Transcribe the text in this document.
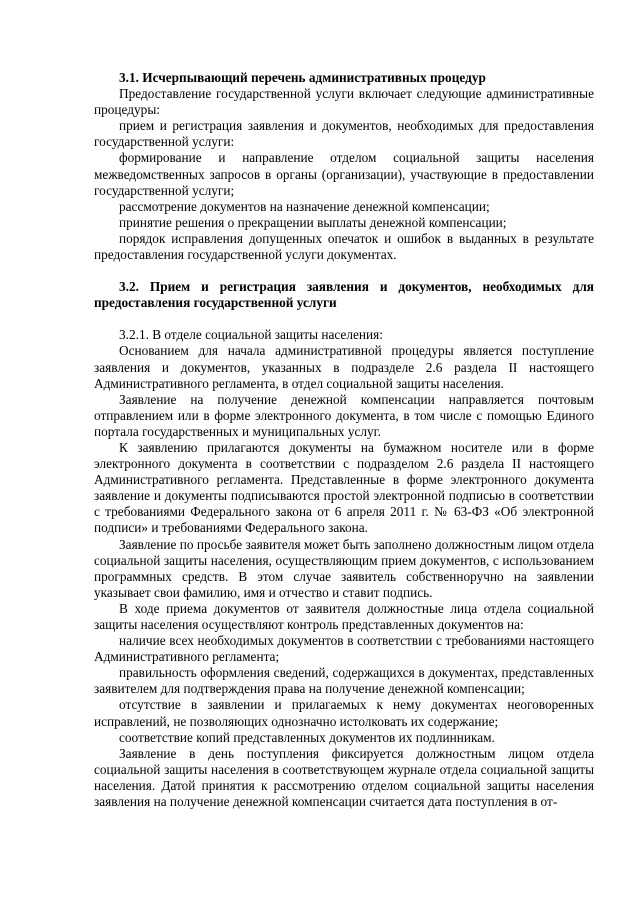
3.1. Исчерпывающий перечень административных процедур

Предоставление государственной услуги включает следующие административные процедуры:

прием и регистрация заявления и документов, необходимых для предоставления государственной услуги:

формирование и направление отделом социальной защиты населения межведомственных запросов в органы (организации), участвующие в предоставлении государственной услуги;

рассмотрение документов на назначение денежной компенсации;

принятие решения о прекращении выплаты денежной компенсации;

порядок исправления допущенных опечаток и ошибок в выданных в результате предоставления государственной услуги документах.

3.2. Прием и регистрация заявления и документов, необходимых для предоставления государственной услуги

3.2.1. В отделе социальной защиты населения:

Основанием для начала административной процедуры является поступление заявления и документов, указанных в подразделе 2.6 раздела II настоящего Административного регламента, в отдел социальной защиты населения.

Заявление на получение денежной компенсации направляется почтовым отправлением или в форме электронного документа, в том числе с помощью Единого портала государственных и муниципальных услуг.

К заявлению прилагаются документы на бумажном носителе или в форме электронного документа в соответствии с подразделом 2.6 раздела II настоящего Административного регламента. Представленные в форме электронного документа заявление и документы подписываются простой электронной подписью в соответствии с требованиями Федерального закона от 6 апреля 2011 г. № 63-ФЗ «Об электронной подписи» и требованиями Федерального закона.

Заявление по просьбе заявителя может быть заполнено должностным лицом отдела социальной защиты населения, осуществляющим прием документов, с использованием программных средств. В этом случае заявитель собственноручно на заявлении указывает свои фамилию, имя и отчество и ставит подпись.

В ходе приема документов от заявителя должностные лица отдела социальной защиты населения осуществляют контроль представленных документов на:

наличие всех необходимых документов в соответствии с требованиями настоящего Административного регламента;

правильность оформления сведений, содержащихся в документах, представленных заявителем для подтверждения права на получение денежной компенсации;

отсутствие в заявлении и прилагаемых к нему документах неоговоренных исправлений, не позволяющих однозначно истолковать их содержание;

соответствие копий представленных документов их подлинникам.

Заявление в день поступления фиксируется должностным лицом отдела социальной защиты населения в соответствующем журнале отдела социальной защиты населения. Датой принятия к рассмотрению отделом социальной защиты населения заявления на получение денежной компенсации считается дата поступления в от-
